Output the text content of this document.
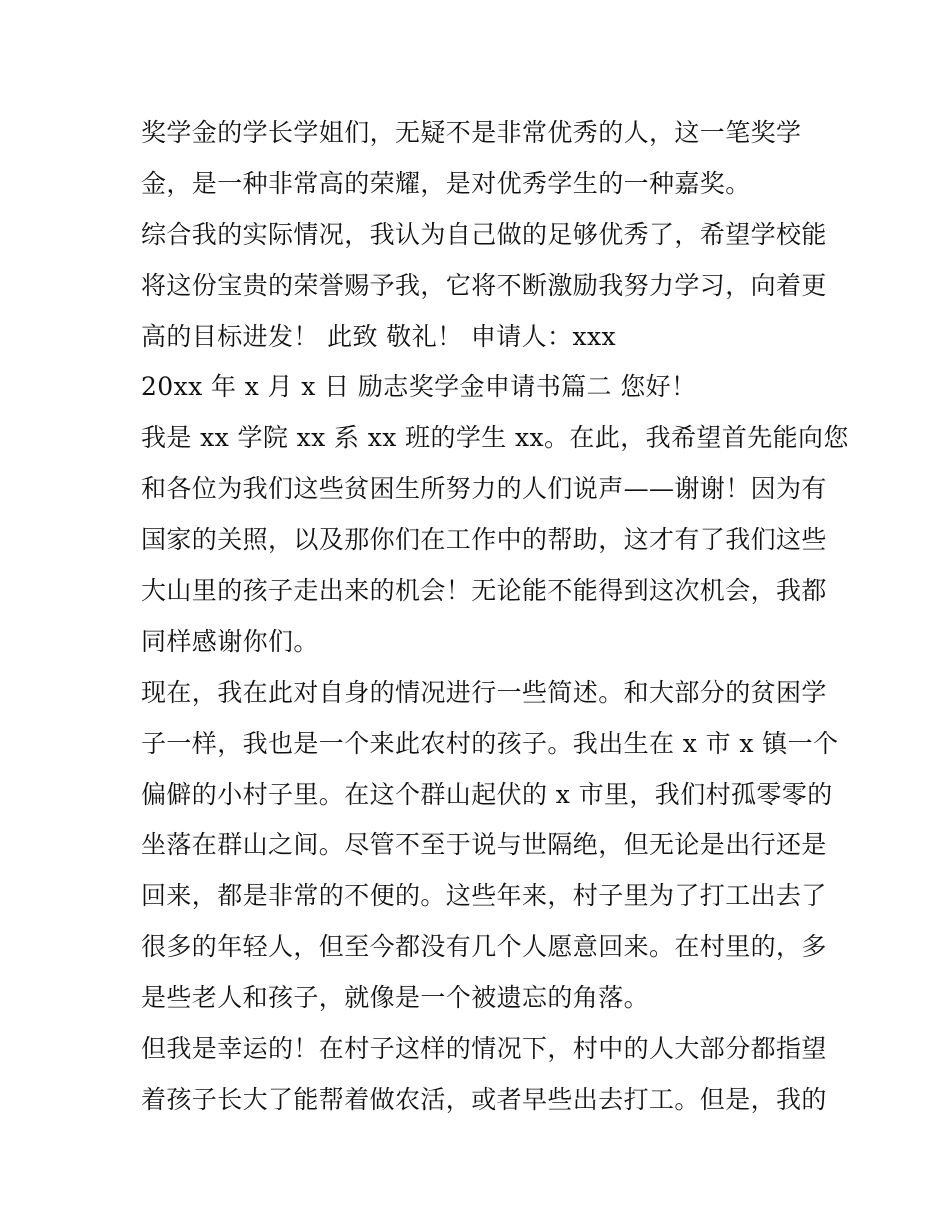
奖学金的学长学姐们，无疑不是非常优秀的人，这一笔奖学
金，是一种非常高的荣耀，是对优秀学生的一种嘉奖。
综合我的实际情况，我认为自己做的足够优秀了，希望学校能
将这份宝贵的荣誉赐予我，它将不断激励我努力学习，向着更
高的目标进发！ 此致 敬礼！ 申请人：xxx
20xx 年 x 月 x 日 励志奖学金申请书篇二 您好！
我是 xx 学院 xx 系 xx 班的学生 xx。在此，我希望首先能向您
和各位为我们这些贫困生所努力的人们说声——谢谢！因为有
国家的关照，以及那你们在工作中的帮助，这才有了我们这些
大山里的孩子走出来的机会！无论能不能得到这次机会，我都
同样感谢你们。
现在，我在此对自身的情况进行一些简述。和大部分的贫困学
子一样，我也是一个来此农村的孩子。我出生在 x 市 x 镇一个
偏僻的小村子里。在这个群山起伏的 x 市里，我们村孤零零的
坐落在群山之间。尽管不至于说与世隔绝，但无论是出行还是
回来，都是非常的不便的。这些年来，村子里为了打工出去了
很多的年轻人，但至今都没有几个人愿意回来。在村里的，多
是些老人和孩子，就像是一个被遗忘的角落。
但我是幸运的！在村子这样的情况下，村中的人大部分都指望
着孩子长大了能帮着做农活，或者早些出去打工。但是，我的
